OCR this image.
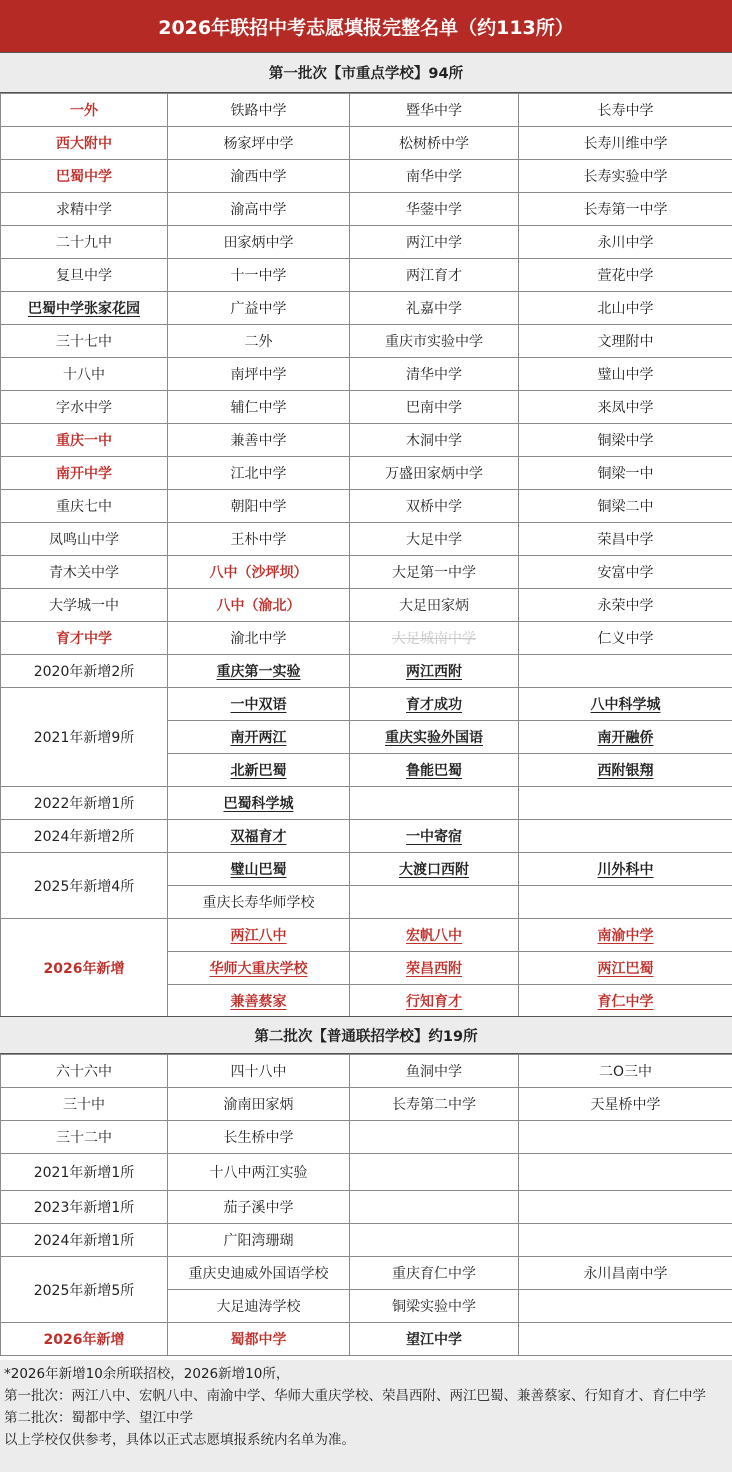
2026年联招中考志愿填报完整名单（约113所）
第一批次【市重点学校】94所
一外	铁路中学	暨华中学	长寿中学
西大附中	杨家坪中学	松树桥中学	长寿川维中学
巴蜀中学	渝西中学	南华中学	长寿实验中学
求精中学	渝高中学	华蓥中学	长寿第一中学
二十九中	田家炳中学	两江中学	永川中学
复旦中学	十一中学	两江育才	萱花中学
巴蜀中学张家花园	广益中学	礼嘉中学	北山中学
三十七中	二外	重庆市实验中学	文理附中
十八中	南坪中学	清华中学	璧山中学
字水中学	辅仁中学	巴南中学	来凤中学
重庆一中	兼善中学	木洞中学	铜梁中学
南开中学	江北中学	万盛田家炳中学	铜梁一中
重庆七中	朝阳中学	双桥中学	铜梁二中
凤鸣山中学	王朴中学	大足中学	荣昌中学
青木关中学	八中（沙坪坝）	大足第一中学	安富中学
大学城一中	八中（渝北）	大足田家炳	永荣中学
育才中学	渝北中学	大足城南中学	仁义中学
2020年新增2所	重庆第一实验	两江西附	
2021年新增9所	一中双语	育才成功	八中科学城
	南开两江	重庆实验外国语	南开融侨
	北新巴蜀	鲁能巴蜀	西附银翔
2022年新增1所	巴蜀科学城		
2024年新增2所	双福育才	一中寄宿	
2025年新增4所	璧山巴蜀	大渡口西附	川外科中
	重庆长寿华师学校		
2026年新增	两江八中	宏帆八中	南渝中学
	华师大重庆学校	荣昌西附	两江巴蜀
	兼善蔡家	行知育才	育仁中学
第二批次【普通联招学校】约19所
六十六中	四十八中	鱼洞中学	二O三中
三十中	渝南田家炳	长寿第二中学	天星桥中学
三十二中	长生桥中学		
2021年新增1所	十八中两江实验		
2023年新增1所	茄子溪中学		
2024年新增1所	广阳湾珊瑚		
2025年新增5所	重庆史迪威外国语学校	重庆育仁中学	永川昌南中学
	大足迪涛学校	铜梁实验中学	
2026年新增	蜀都中学	望江中学	
*2026年新增10余所联招校，2026新增10所，
第一批次：两江八中、宏帆八中、南渝中学、华师大重庆学校、荣昌西附、两江巴蜀、兼善蔡家、行知育才、育仁中学
第二批次：蜀都中学、望江中学
以上学校仅供参考，具体以正式志愿填报系统内名单为准。
